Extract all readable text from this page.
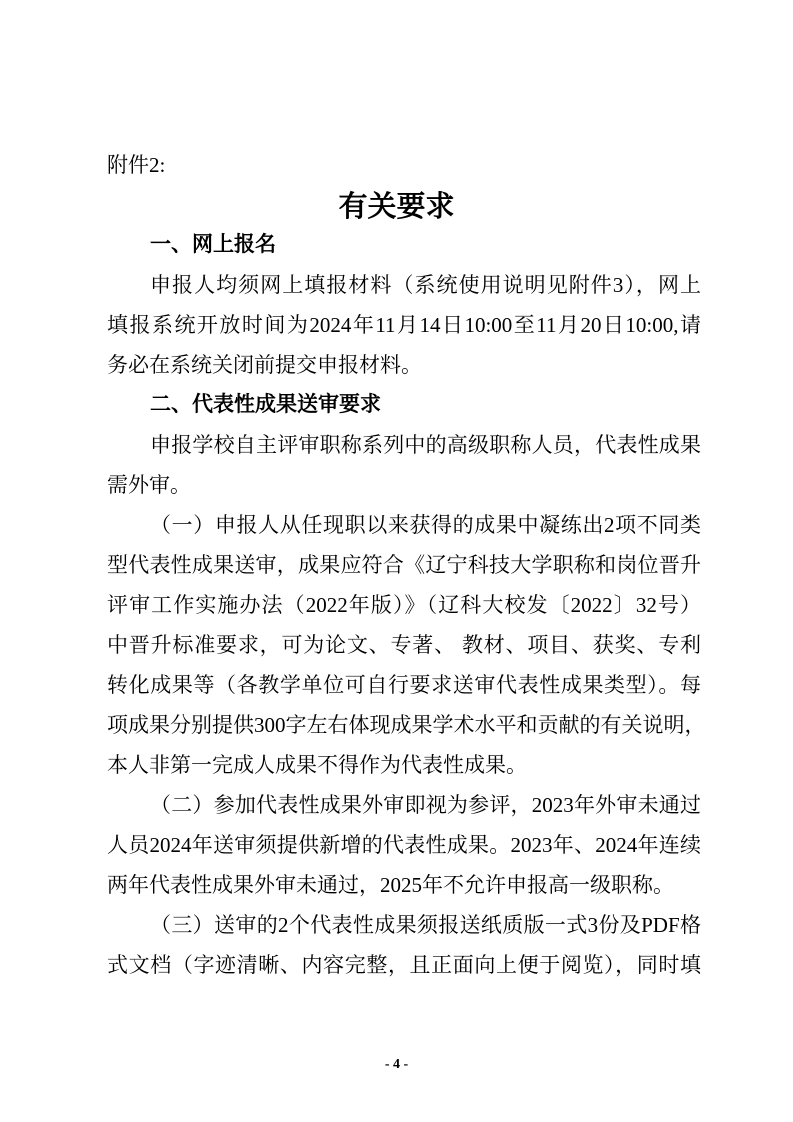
附件2:
有关要求
一、网上报名
申报人均须网上填报材料（系统使用说明见附件3），网上
填报系统开放时间为2024年11月14日10:00至11月20日10:00,请
务必在系统关闭前提交申报材料。
二、代表性成果送审要求
申报学校自主评审职称系列中的高级职称人员，代表性成果
需外审。
（一）申报人从任现职以来获得的成果中凝练出2项不同类
型代表性成果送审，成果应符合《辽宁科技大学职称和岗位晋升
评审工作实施办法（2022年版）》（辽科大校发〔2022〕32号）
中晋升标准要求，可为论文、专著、 教材、项目、获奖、专利
转化成果等（各教学单位可自行要求送审代表性成果类型）。每
项成果分别提供300字左右体现成果学术水平和贡献的有关说明，
本人非第一完成人成果不得作为代表性成果。
（二）参加代表性成果外审即视为参评，2023年外审未通过
人员2024年送审须提供新增的代表性成果。2023年、2024年连续
两年代表性成果外审未通过，2025年不允许申报高一级职称。
（三）送审的2个代表性成果须报送纸质版一式3份及PDF格
式文档（字迹清晰、内容完整，且正面向上便于阅览），同时填
- 4 -
